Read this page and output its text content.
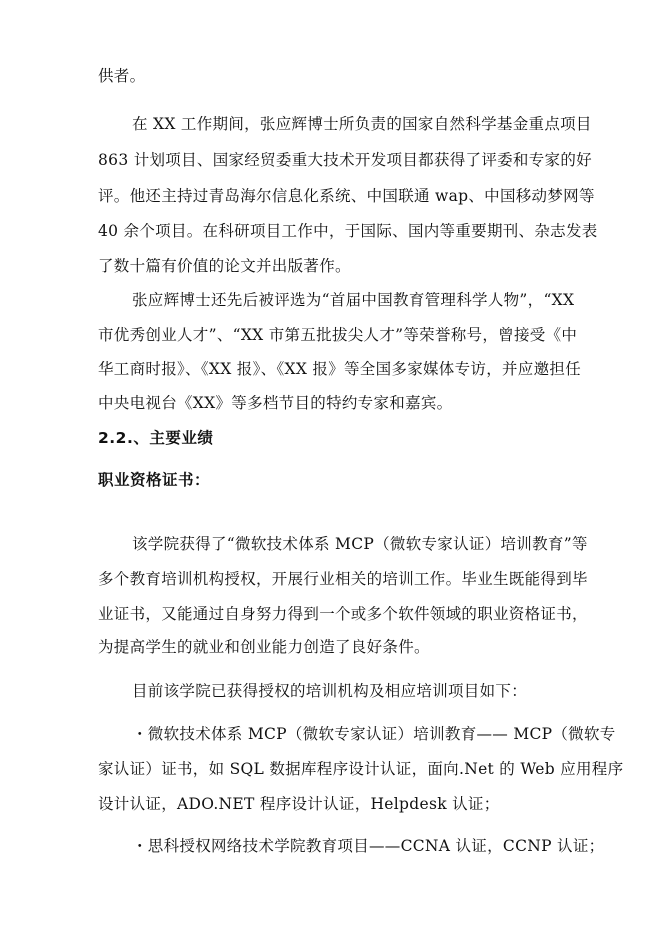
供者。
在 XX 工作期间，张应辉博士所负责的国家自然科学基金重点项目
863 计划项目、国家经贸委重大技术开发项目都获得了评委和专家的好
评。他还主持过青岛海尔信息化系统、中国联通 wap、中国移动梦网等
40 余个项目。在科研项目工作中，于国际、国内等重要期刊、杂志发表
了数十篇有价值的论文并出版著作。
张应辉博士还先后被评选为“首届中国教育管理科学人物”，“XX
市优秀创业人才”、“XX 市第五批拔尖人才”等荣誉称号，曾接受《中
华工商时报》、《XX 报》、《XX 报》等全国多家媒体专访，并应邀担任
中央电视台《XX》等多档节目的特约专家和嘉宾。
2.2.、主要业绩
职业资格证书：
该学院获得了“微软技术体系 MCP（微软专家认证）培训教育”等
多个教育培训机构授权，开展行业相关的培训工作。毕业生既能得到毕
业证书，又能通过自身努力得到一个或多个软件领域的职业资格证书，
为提高学生的就业和创业能力创造了良好条件。
目前该学院已获得授权的培训机构及相应培训项目如下：
・微软技术体系 MCP（微软专家认证）培训教育—— MCP（微软专
家认证）证书，如 SQL 数据库程序设计认证，面向.Net 的 Web 应用程序
设计认证，ADO.NET 程序设计认证，Helpdesk 认证；
・思科授权网络技术学院教育项目——CCNA 认证，CCNP 认证；
